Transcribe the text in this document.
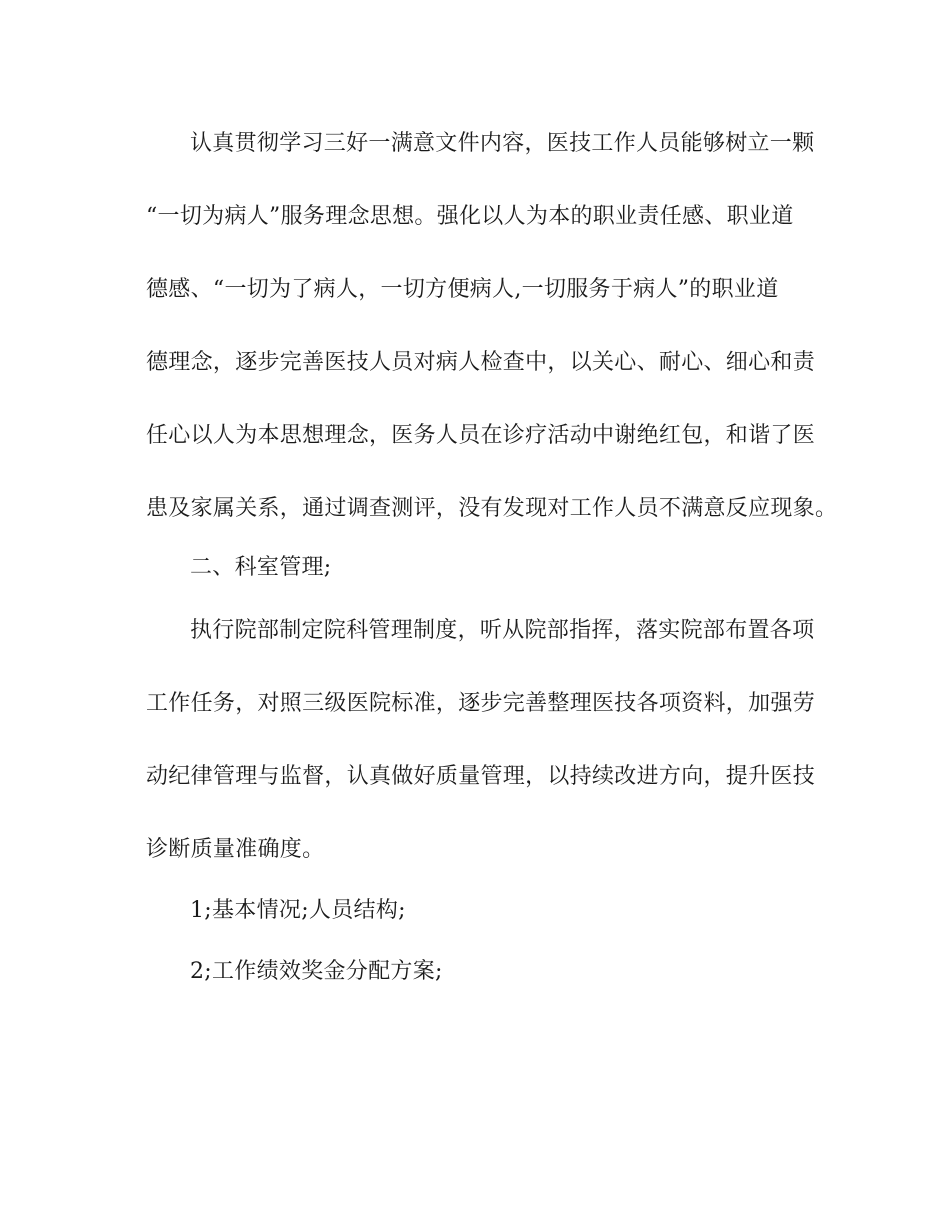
认真贯彻学习三好一满意文件内容，医技工作人员能够树立一颗
“一切为病人”服务理念思想。强化以人为本的职业责任感、职业道
德感、“一切为了病人，一切方便病人,一切服务于病人”的职业道
德理念，逐步完善医技人员对病人检查中，以关心、耐心、细心和责
任心以人为本思想理念，医务人员在诊疗活动中谢绝红包，和谐了医
患及家属关系，通过调查测评，没有发现对工作人员不满意反应现象。
二、科室管理;
执行院部制定院科管理制度，听从院部指挥，落实院部布置各项
工作任务，对照三级医院标准，逐步完善整理医技各项资料，加强劳
动纪律管理与监督，认真做好质量管理，以持续改进方向，提升医技
诊断质量准确度。
1;基本情况;人员结构;
2;工作绩效奖金分配方案;
